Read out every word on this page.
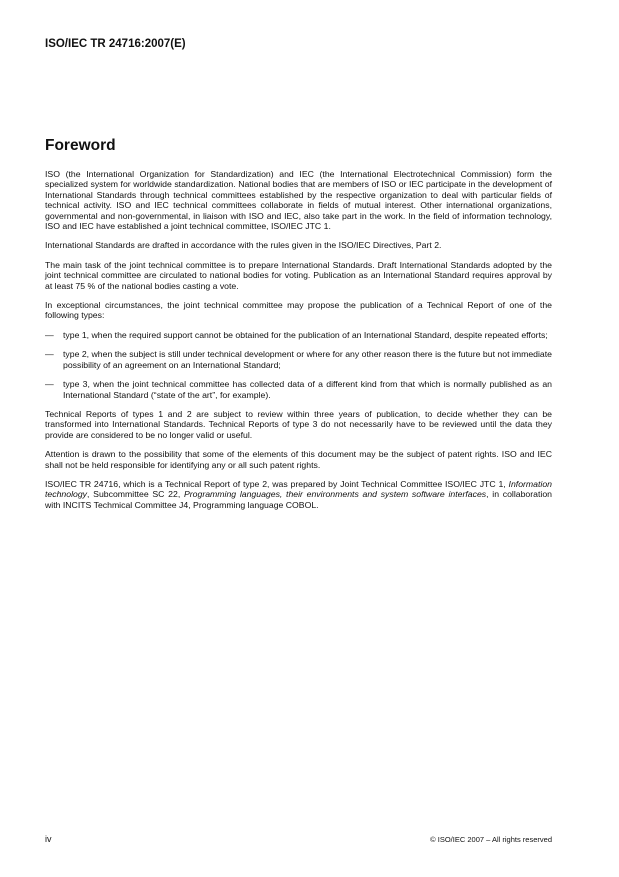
ISO/IEC TR 24716:2007(E)
Foreword

ISO (the International Organization for Standardization) and IEC (the International Electrotechnical Commission) form the specialized system for worldwide standardization. National bodies that are members of ISO or IEC participate in the development of International Standards through technical committees established by the respective organization to deal with particular fields of technical activity. ISO and IEC technical committees collaborate in fields of mutual interest. Other international organizations, governmental and non-governmental, in liaison with ISO and IEC, also take part in the work. In the field of information technology, ISO and IEC have established a joint technical committee, ISO/IEC JTC 1.

International Standards are drafted in accordance with the rules given in the ISO/IEC Directives, Part 2.

The main task of the joint technical committee is to prepare International Standards. Draft International Standards adopted by the joint technical committee are circulated to national bodies for voting. Publication as an International Standard requires approval by at least 75 % of the national bodies casting a vote.

In exceptional circumstances, the joint technical committee may propose the publication of a Technical Report of one of the following types:

—	type 1, when the required support cannot be obtained for the publication of an International Standard, despite repeated efforts;
—	type 2, when the subject is still under technical development or where for any other reason there is the future but not immediate possibility of an agreement on an International Standard;
—	type 3, when the joint technical committee has collected data of a different kind from that which is normally published as an International Standard (“state of the art”, for example).

Technical Reports of types 1 and 2 are subject to review within three years of publication, to decide whether they can be transformed into International Standards. Technical Reports of type 3 do not necessarily have to be reviewed until the data they provide are considered to be no longer valid or useful.

Attention is drawn to the possibility that some of the elements of this document may be the subject of patent rights. ISO and IEC shall not be held responsible for identifying any or all such patent rights.

ISO/IEC TR 24716, which is a Technical Report of type 2, was prepared by Joint Technical Committee ISO/IEC JTC 1, Information technology, Subcommittee SC 22, Programming languages, their environments and system software interfaces, in collaboration with INCITS Techmical Committee J4, Programming language COBOL.

iv	© ISO/IEC 2007 – All rights reserved
